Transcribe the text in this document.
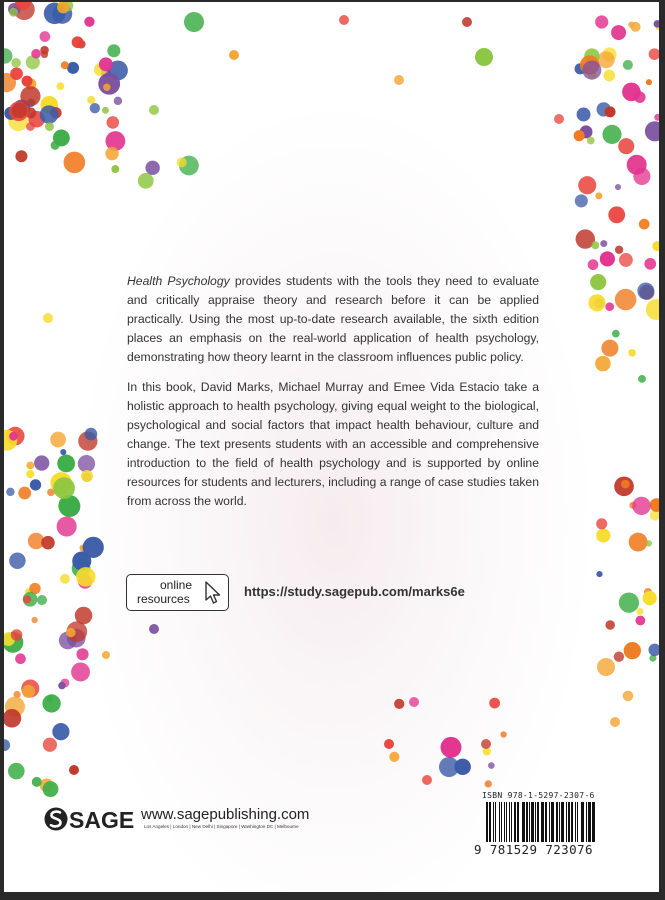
Health Psychology provides students with the tools they need to evaluate and critically appraise theory and research before it can be applied practically. Using the most up-to-date research available, the sixth edition places an emphasis on the real-world application of health psychology, demonstrating how theory learnt in the classroom influences public policy.

In this book, David Marks, Michael Murray and Emee Vida Estacio take a holistic approach to health psychology, giving equal weight to the biological, psychological and social factors that impact health behaviour, culture and change. The text presents students with an accessible and comprehensive introduction to the field of health psychology and is supported by online resources for students and lecturers, including a range of case studies taken from across the world.

online
resources	https://study.sagepub.com/marks6e
SAGE www.sagepublishing.com
Los Angeles | London | New Delhi | Singapore | Washington DC | Melbourne
ISBN 978-1-5297-2307-6
9 781529 723076
